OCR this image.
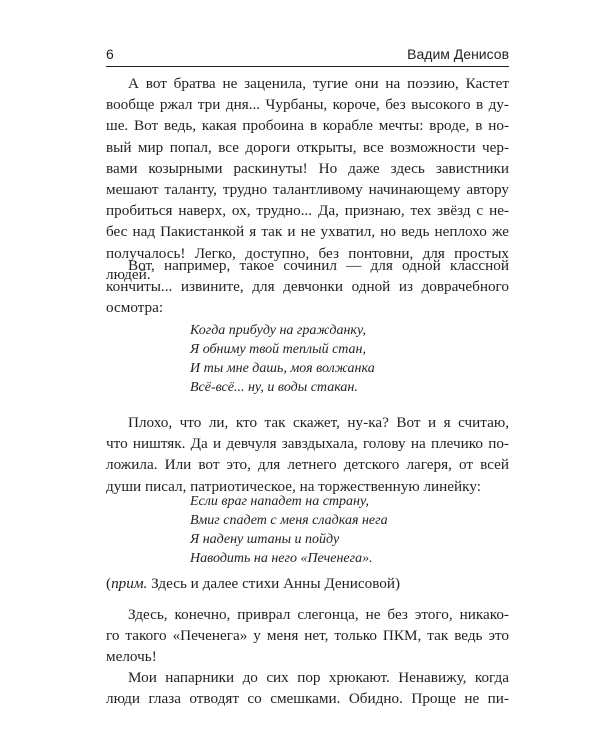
6	Вадим Денисов
А вот братва не заценила, тугие они на поэзию, Кастет
вообще ржал три дня... Чурбаны, короче, без высокого в ду-
ше. Вот ведь, какая пробоина в корабле мечты: вроде, в но-
вый мир попал, все дороги открыты, все возможности чер-
вами козырными раскинуты! Но даже здесь завистники
мешают таланту, трудно талантливому начинающему автору
пробиться наверх, ох, трудно... Да, признаю, тех звёзд с не-
бес над Пакистанкой я так и не ухватил, но ведь неплохо же
получалось! Легко, доступно, без понтовни, для простых
людей.
Вот, например, такое сочинил — для одной классной
кончиты... извините, для девчонки одной из доврачебного
осмотра:
Когда прибуду на гражданку,
Я обниму твой теплый стан,
И ты мне дашь, моя волжанка
Всё-всё... ну, и воды стакан.
Плохо, что ли, кто так скажет, ну-ка? Вот и я считаю,
что ништяк. Да и девчуля завздыхала, голову на плечико по-
ложила. Или вот это, для летнего детского лагеря, от всей
души писал, патриотическое, на торжественную линейку:
Если враг нападет на страну,
Вмиг спадет с меня сладкая нега
Я надену штаны и пойду
Наводить на него «Печенега».
(прим. Здесь и далее стихи Анны Денисовой)
Здесь, конечно, приврал слегонца, не без этого, никако-
го такого «Печенега» у меня нет, только ПКМ, так ведь это
мелочь!
Мои напарники до сих пор хрюкают. Ненавижу, когда
люди глаза отводят со смешками. Обидно. Проще не пи-
